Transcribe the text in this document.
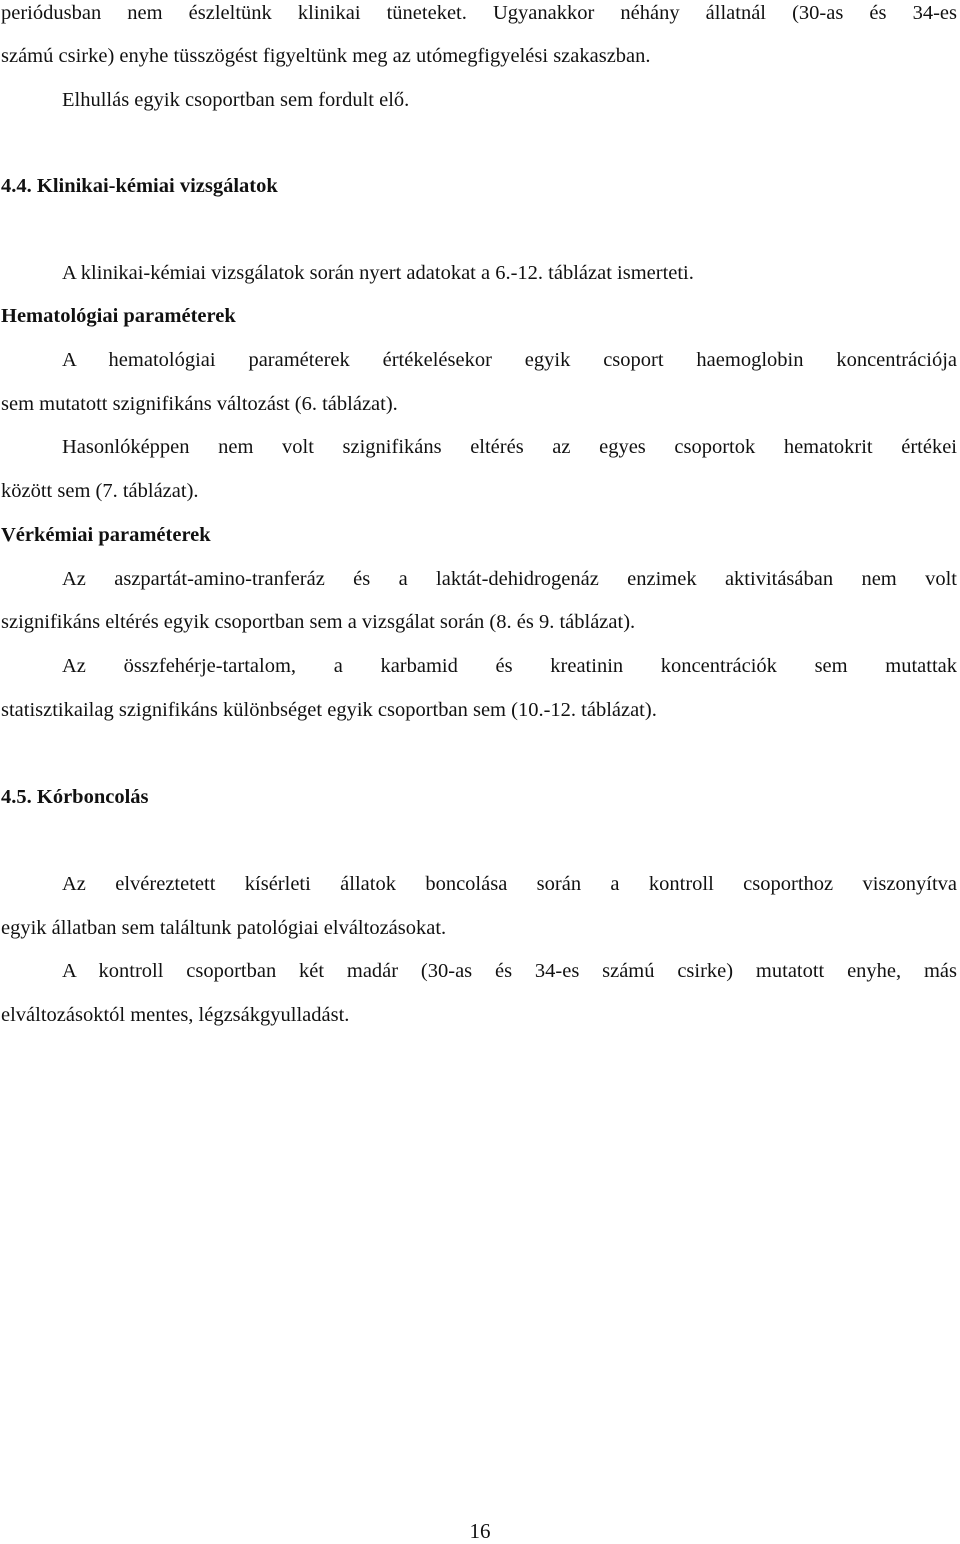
periódusban nem észleltünk klinikai tüneteket. Ugyanakkor néhány állatnál (30-as és 34-es

számú csirke) enyhe tüsszögést figyeltünk meg az utómegfigyelési szakaszban.

Elhullás egyik csoportban sem fordult elő.

4.4. Klinikai-kémiai vizsgálatok

A klinikai-kémiai vizsgálatok során nyert adatokat a 6.-12. táblázat ismerteti.

Hematológiai paraméterek

A hematológiai paraméterek értékelésekor egyik csoport haemoglobin koncentrációja

sem mutatott szignifikáns változást (6. táblázat).

Hasonlóképpen nem volt szignifikáns eltérés az egyes csoportok hematokrit értékei

között sem (7. táblázat).

Vérkémiai paraméterek

Az aszpartát-amino-tranferáz és a laktát-dehidrogenáz enzimek aktivitásában nem volt

szignifikáns eltérés egyik csoportban sem a vizsgálat során (8. és 9. táblázat).

Az összfehérje-tartalom, a karbamid és kreatinin koncentrációk sem mutattak

statisztikailag szignifikáns különbséget egyik csoportban sem (10.-12. táblázat).

4.5. Kórboncolás

Az elvéreztetett kísérleti állatok boncolása során a kontroll csoporthoz viszonyítva

egyik állatban sem találtunk patológiai elváltozásokat.

A kontroll csoportban két madár (30-as és 34-es számú csirke) mutatott enyhe, más

elváltozásoktól mentes, légzsákgyulladást.

16
